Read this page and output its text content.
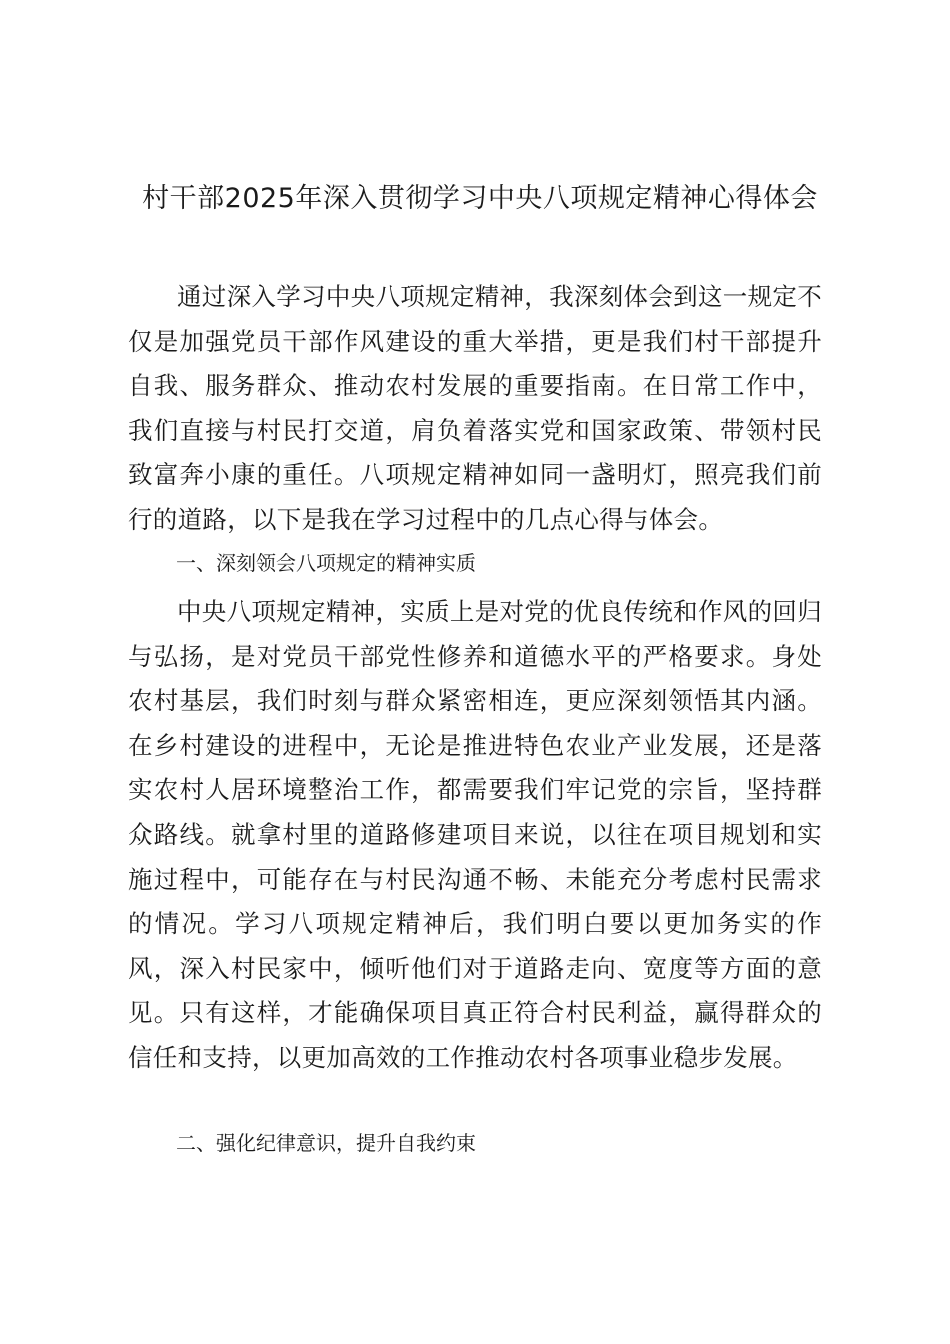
村干部2025年深入贯彻学习中央八项规定精神心得体会

通过深入学习中央八项规定精神，我深刻体会到这一规定不仅是加强党员干部作风建设的重大举措，更是我们村干部提升自我、服务群众、推动农村发展的重要指南。在日常工作中，我们直接与村民打交道，肩负着落实党和国家政策、带领村民致富奔小康的重任。八项规定精神如同一盏明灯，照亮我们前行的道路，以下是我在学习过程中的几点心得与体会。

一、深刻领会八项规定的精神实质

中央八项规定精神，实质上是对党的优良传统和作风的回归与弘扬，是对党员干部党性修养和道德水平的严格要求。身处农村基层，我们时刻与群众紧密相连，更应深刻领悟其内涵。在乡村建设的进程中，无论是推进特色农业产业发展，还是落实农村人居环境整治工作，都需要我们牢记党的宗旨，坚持群众路线。就拿村里的道路修建项目来说，以往在项目规划和实施过程中，可能存在与村民沟通不畅、未能充分考虑村民需求的情况。学习八项规定精神后，我们明白要以更加务实的作风，深入村民家中，倾听他们对于道路走向、宽度等方面的意见。只有这样，才能确保项目真正符合村民利益，赢得群众的信任和支持，以更加高效的工作推动农村各项事业稳步发展。

二、强化纪律意识，提升自我约束
